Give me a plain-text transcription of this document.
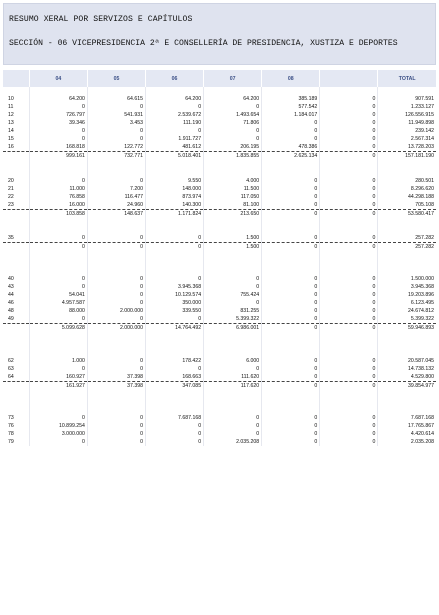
RESUMO XERAL POR SERVIZOS E CAPÍTULOS
SECCIÓN - 06 VICEPRESIDENCIA 2ª E CONSELLERÍA DE PRESIDENCIA, XUSTIZA E DEPORTES
	04	05	06	07	08		TOTAL

10	64.200	64.615	64.200	64.200	385.189	0	907.591
11	0	0	0	0	577.542	0	1.233.127
12	726.797	541.931	2.539.672	1.493.654	1.184.017	0	126.556.915
13	39.346	3.453	111.190	71.806	0	0	11.949.898
14	0	0	0	0	0	0	239.142
15	0	0	1.911.727	0	0	0	2.567.314
16	168.818	122.772	481.612	206.195	478.386	0	13.728.203
	999.161	732.771	5.018.401	1.835.855	2.625.134	0	157.181.190

20	0	0	9.550	4.000	0	0	280.501
21	11.000	7.200	148.000	11.500	0	0	8.296.620
22	76.858	116.477	873.974	117.050	0	0	44.298.188
23	16.000	24.960	140.300	81.100	0	0	705.108
	103.858	148.637	1.171.824	213.650	0	0	53.580.417

35	0	0	0	1.500	0	0	257.282
	0	0	0	1.500	0	0	257.282

40	0	0	0	0	0	0	1.500.000
43	0	0	3.945.368	0	0	0	3.945.368
44	54.041	0	10.129.574	755.424	0	0	19.203.896
46	4.957.587	0	350.000	0	0	0	6.123.495
48	88.000	2.000.000	339.550	831.255	0	0	24.674.812
49	0	0	0	5.399.322	0	0	5.399.322
	5.099.628	2.000.000	14.764.492	6.986.001	0	0	59.946.893

62	1.000	0	178.422	6.000	0	0	20.587.045
63	0	0	0	0	0	0	14.738.132
64	160.927	37.398	168.663	111.620	0	0	4.529.800
	161.927	37.398	347.085	117.620	0	0	39.854.977

73	0	0	7.687.168	0	0	0	7.687.168
76	10.899.254	0	0	0	0	0	17.765.867
78	3.000.000	0	0	0	0	0	4.420.614
79	0	0	0	2.035.208	0	0	2.035.208
